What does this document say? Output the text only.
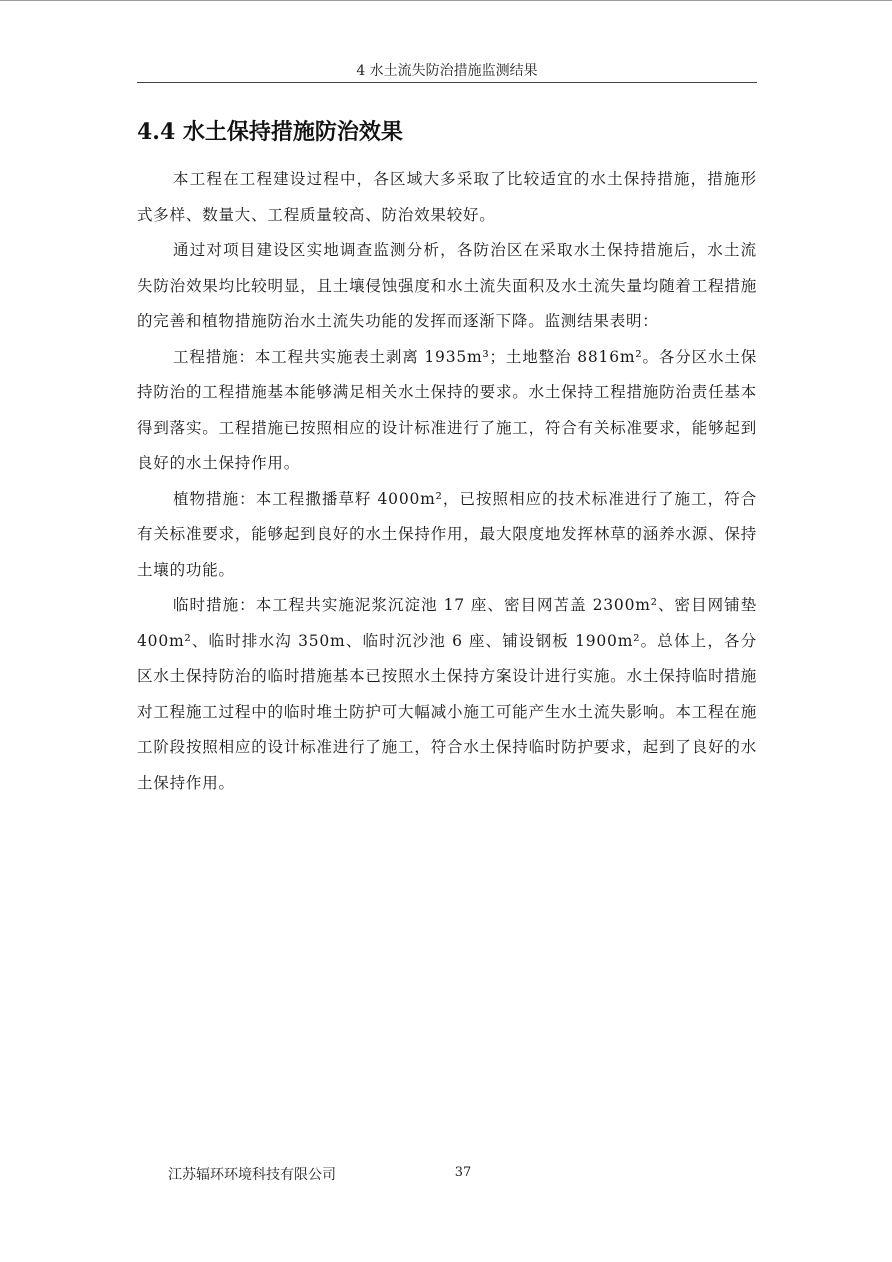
4 水土流失防治措施监测结果
4.4 水土保持措施防治效果

本工程在工程建设过程中，各区域大多采取了比较适宜的水土保持措施，措施形式多样、数量大、工程质量较高、防治效果较好。

通过对项目建设区实地调查监测分析，各防治区在采取水土保持措施后，水土流失防治效果均比较明显，且土壤侵蚀强度和水土流失面积及水土流失量均随着工程措施的完善和植物措施防治水土流失功能的发挥而逐渐下降。监测结果表明：

工程措施：本工程共实施表土剥离 1935m³；土地整治 8816m²。各分区水土保持防治的工程措施基本能够满足相关水土保持的要求。水土保持工程措施防治责任基本得到落实。工程措施已按照相应的设计标准进行了施工，符合有关标准要求，能够起到良好的水土保持作用。

植物措施：本工程撒播草籽 4000m²，已按照相应的技术标准进行了施工，符合有关标准要求，能够起到良好的水土保持作用，最大限度地发挥林草的涵养水源、保持土壤的功能。

临时措施：本工程共实施泥浆沉淀池 17 座、密目网苫盖 2300m²、密目网铺垫 400m²、临时排水沟 350m、临时沉沙池 6 座、铺设钢板 1900m²。总体上，各分区水土保持防治的临时措施基本已按照水土保持方案设计进行实施。水土保持临时措施对工程施工过程中的临时堆土防护可大幅减小施工可能产生水土流失影响。本工程在施工阶段按照相应的设计标准进行了施工，符合水土保持临时防护要求，起到了良好的水土保持作用。

江苏辐环环境科技有限公司	37
